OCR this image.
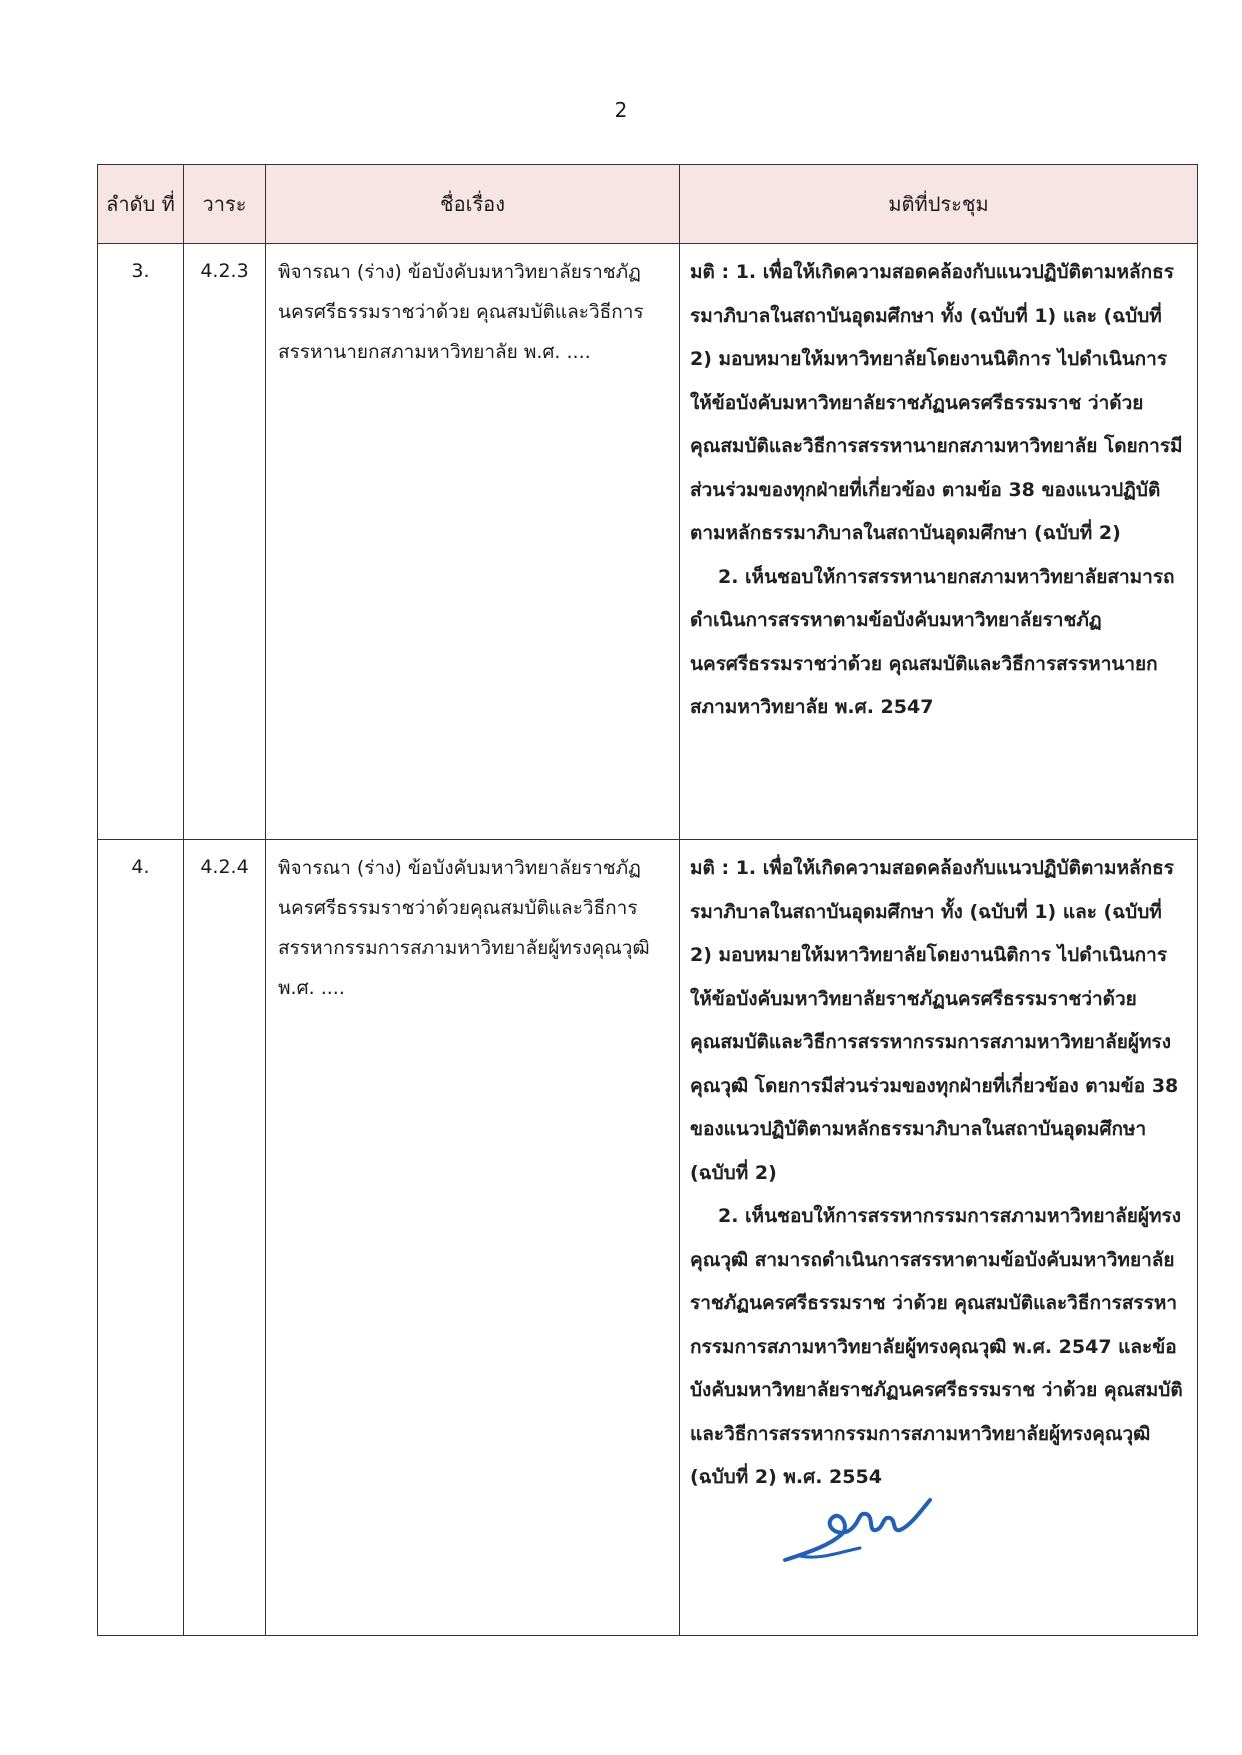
2
ลำดับ ที่	วาระ	ชื่อเรื่อง	มติที่ประชุม
3.	4.2.3	พิจารณา (ร่าง) ข้อบังคับมหาวิทยาลัยราชภัฏนครศรีธรรมราชว่าด้วย คุณสมบัติและวิธีการสรรหานายกสภามหาวิทยาลัย พ.ศ. ....	มติ : 1. เพื่อให้เกิดความสอดคล้องกับแนวปฏิบัติตามหลักธรรมาภิบาลในสถาบันอุดมศึกษา ทั้ง (ฉบับที่ 1) และ (ฉบับที่ 2) มอบหมายให้มหาวิทยาลัยโดยงานนิติการ ไปดำเนินการให้ข้อบังคับมหาวิทยาลัยราชภัฏนครศรีธรรมราช ว่าด้วย คุณสมบัติและวิธีการสรรหานายกสภามหาวิทยาลัย โดยการมีส่วนร่วมของทุกฝ่ายที่เกี่ยวข้อง ตามข้อ 38 ของแนวปฏิบัติตามหลักธรรมาภิบาลในสถาบันอุดมศึกษา (ฉบับที่ 2)
2. เห็นชอบให้การสรรหานายกสภามหาวิทยาลัยสามารถดำเนินการสรรหาตามข้อบังคับมหาวิทยาลัยราชภัฏนครศรีธรรมราชว่าด้วย คุณสมบัติและวิธีการสรรหานายกสภามหาวิทยาลัย พ.ศ. 2547

4.	4.2.4	พิจารณา (ร่าง) ข้อบังคับมหาวิทยาลัยราชภัฏนครศรีธรรมราชว่าด้วยคุณสมบัติและวิธีการสรรหากรรมการสภามหาวิทยาลัยผู้ทรงคุณวุฒิ พ.ศ. ....	มติ : 1. เพื่อให้เกิดความสอดคล้องกับแนวปฏิบัติตามหลักธรรมาภิบาลในสถาบันอุดมศึกษา ทั้ง (ฉบับที่ 1) และ (ฉบับที่ 2) มอบหมายให้มหาวิทยาลัยโดยงานนิติการ ไปดำเนินการให้ข้อบังคับมหาวิทยาลัยราชภัฏนครศรีธรรมราชว่าด้วยคุณสมบัติและวิธีการสรรหากรรมการสภามหาวิทยาลัยผู้ทรงคุณวุฒิ โดยการมีส่วนร่วมของทุกฝ่ายที่เกี่ยวข้อง ตามข้อ 38 ของแนวปฏิบัติตามหลักธรรมาภิบาลในสถาบันอุดมศึกษา (ฉบับที่ 2)
2. เห็นชอบให้การสรรหากรรมการสภามหาวิทยาลัยผู้ทรงคุณวุฒิ สามารถดำเนินการสรรหาตามข้อบังคับมหาวิทยาลัยราชภัฏนครศรีธรรมราช ว่าด้วย คุณสมบัติและวิธีการสรรหากรรมการสภามหาวิทยาลัยผู้ทรงคุณวุฒิ พ.ศ. 2547 และข้อบังคับมหาวิทยาลัยราชภัฏนครศรีธรรมราช ว่าด้วย คุณสมบัติและวิธีการสรรหากรรมการสภามหาวิทยาลัยผู้ทรงคุณวุฒิ (ฉบับที่ 2) พ.ศ. 2554
